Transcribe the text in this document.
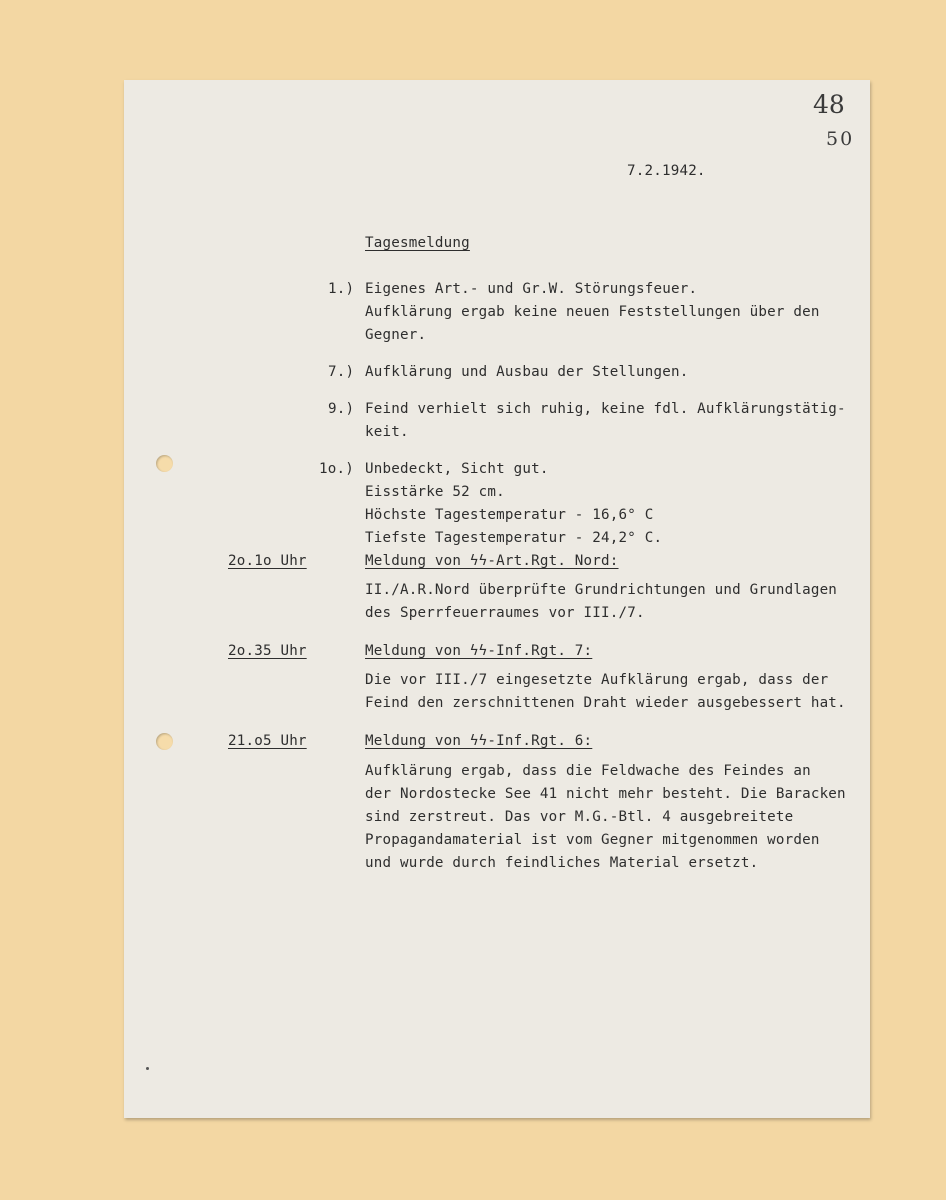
48
50
7.2.1942.
Tagesmeldung
1.) Eigenes Art.- und Gr.W. Störungsfeuer.
Aufklärung ergab keine neuen Feststellungen über den
Gegner.
7.) Aufklärung und Ausbau der Stellungen.
9.) Feind verhielt sich ruhig, keine fdl. Aufklärungstätig-
keit.
1o.) Unbedeckt, Sicht gut.
Eisstärke 52 cm.
Höchste Tagestemperatur - 16,6° C
Tiefste Tagestemperatur - 24,2° C.
2o.1o Uhr	Meldung von ϟϟ-Art.Rgt. Nord:
II./A.R.Nord überprüfte Grundrichtungen und Grundlagen
des Sperrfeuerraumes vor III./7.
2o.35 Uhr	Meldung von ϟϟ-Inf.Rgt. 7:
Die vor III./7 eingesetzte Aufklärung ergab, dass der
Feind den zerschnittenen Draht wieder ausgebessert hat.
21.o5 Uhr	Meldung von ϟϟ-Inf.Rgt. 6:
Aufklärung ergab, dass die Feldwache des Feindes an
der Nordostecke See 41 nicht mehr besteht. Die Baracken
sind zerstreut. Das vor M.G.-Btl. 4 ausgebreitete
Propagandamaterial ist vom Gegner mitgenommen worden
und wurde durch feindliches Material ersetzt.
